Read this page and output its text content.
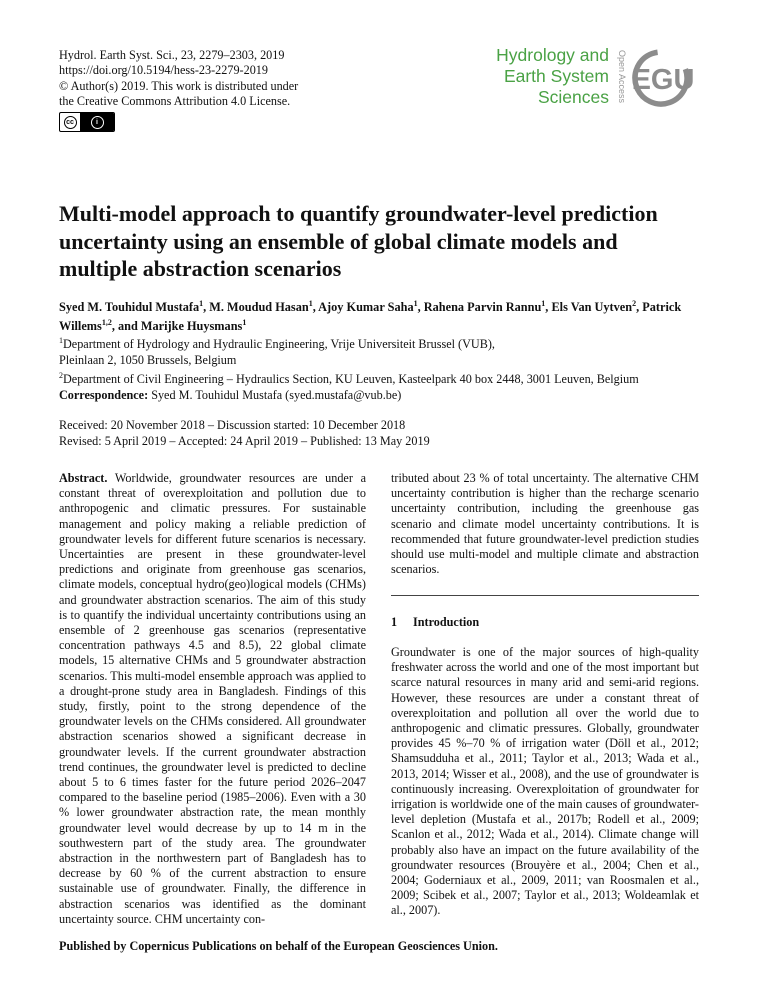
Hydrol. Earth Syst. Sci., 23, 2279–2303, 2019
https://doi.org/10.5194/hess-23-2279-2019
© Author(s) 2019. This work is distributed under
the Creative Commons Attribution 4.0 License.
cc	i
Hydrology and
Earth System
Sciences Open Access EGU
Multi-model approach to quantify groundwater-level prediction uncertainty using an ensemble of global climate models and multiple abstraction scenarios
Syed M. Touhidul Mustafa$^1$, M. Moudud Hasan$^1$, Ajoy Kumar Saha$^1$, Rahena Parvin Rannu$^1$, Els Van Uytven$^2$, Patrick Willems$^{1,2}$, and Marijke Huysmans$^1$
$^1$Department of Hydrology and Hydraulic Engineering, Vrije Universiteit Brussel (VUB),
Pleinlaan 2, 1050 Brussels, Belgium
$^2$Department of Civil Engineering – Hydraulics Section, KU Leuven, Kasteelpark 40 box 2448, 3001 Leuven, Belgium
Correspondence: Syed M. Touhidul Mustafa (syed.mustafa@vub.be)
Received: 20 November 2018 – Discussion started: 10 December 2018
Revised: 5 April 2019 – Accepted: 24 April 2019 – Published: 13 May 2019
Abstract. Worldwide, groundwater resources are under a constant threat of overexploitation and pollution due to anthropogenic and climatic pressures. For sustainable management and policy making a reliable prediction of groundwater levels for different future scenarios is necessary. Uncertainties are present in these groundwater-level predictions and originate from greenhouse gas scenarios, climate models, conceptual hydro(geo)logical models (CHMs) and groundwater abstraction scenarios. The aim of this study is to quantify the individual uncertainty contributions using an ensemble of 2 greenhouse gas scenarios (representative concentration pathways 4.5 and 8.5), 22 global climate models, 15 alternative CHMs and 5 groundwater abstraction scenarios. This multi-model ensemble approach was applied to a drought-prone study area in Bangladesh. Findings of this study, firstly, point to the strong dependence of the groundwater levels on the CHMs considered. All groundwater abstraction scenarios showed a significant decrease in groundwater levels. If the current groundwater abstraction trend continues, the groundwater level is predicted to decline about 5 to 6 times faster for the future period 2026–2047 compared to the baseline period (1985–2006). Even with a 30 % lower groundwater abstraction rate, the mean monthly groundwater level would decrease by up to 14 m in the southwestern part of the study area. The groundwater abstraction in the northwestern part of Bangladesh has to decrease by 60 % of the current abstraction to ensure sustainable use of groundwater. Finally, the difference in abstraction scenarios was identified as the dominant uncertainty source. CHM uncertainty con-
tributed about 23 % of total uncertainty. The alternative CHM uncertainty contribution is higher than the recharge scenario uncertainty contribution, including the greenhouse gas scenario and climate model uncertainty contributions. It is recommended that future groundwater-level prediction studies should use multi-model and multiple climate and abstraction scenarios.
1 Introduction
Groundwater is one of the major sources of high-quality freshwater across the world and one of the most important but scarce natural resources in many arid and semi-arid regions. However, these resources are under a constant threat of overexploitation and pollution all over the world due to anthropogenic and climatic pressures. Globally, groundwater provides 45 %–70 % of irrigation water (Döll et al., 2012; Shamsudduha et al., 2011; Taylor et al., 2013; Wada et al., 2013, 2014; Wisser et al., 2008), and the use of groundwater is continuously increasing. Overexploitation of groundwater for irrigation is worldwide one of the main causes of groundwater-level depletion (Mustafa et al., 2017b; Rodell et al., 2009; Scanlon et al., 2012; Wada et al., 2014). Climate change will probably also have an impact on the future availability of the groundwater resources (Brouyère et al., 2004; Chen et al., 2004; Goderniaux et al., 2009, 2011; van Roosmalen et al., 2009; Scibek et al., 2007; Taylor et al., 2013; Woldeamlak et al., 2007).
Published by Copernicus Publications on behalf of the European Geosciences Union.
